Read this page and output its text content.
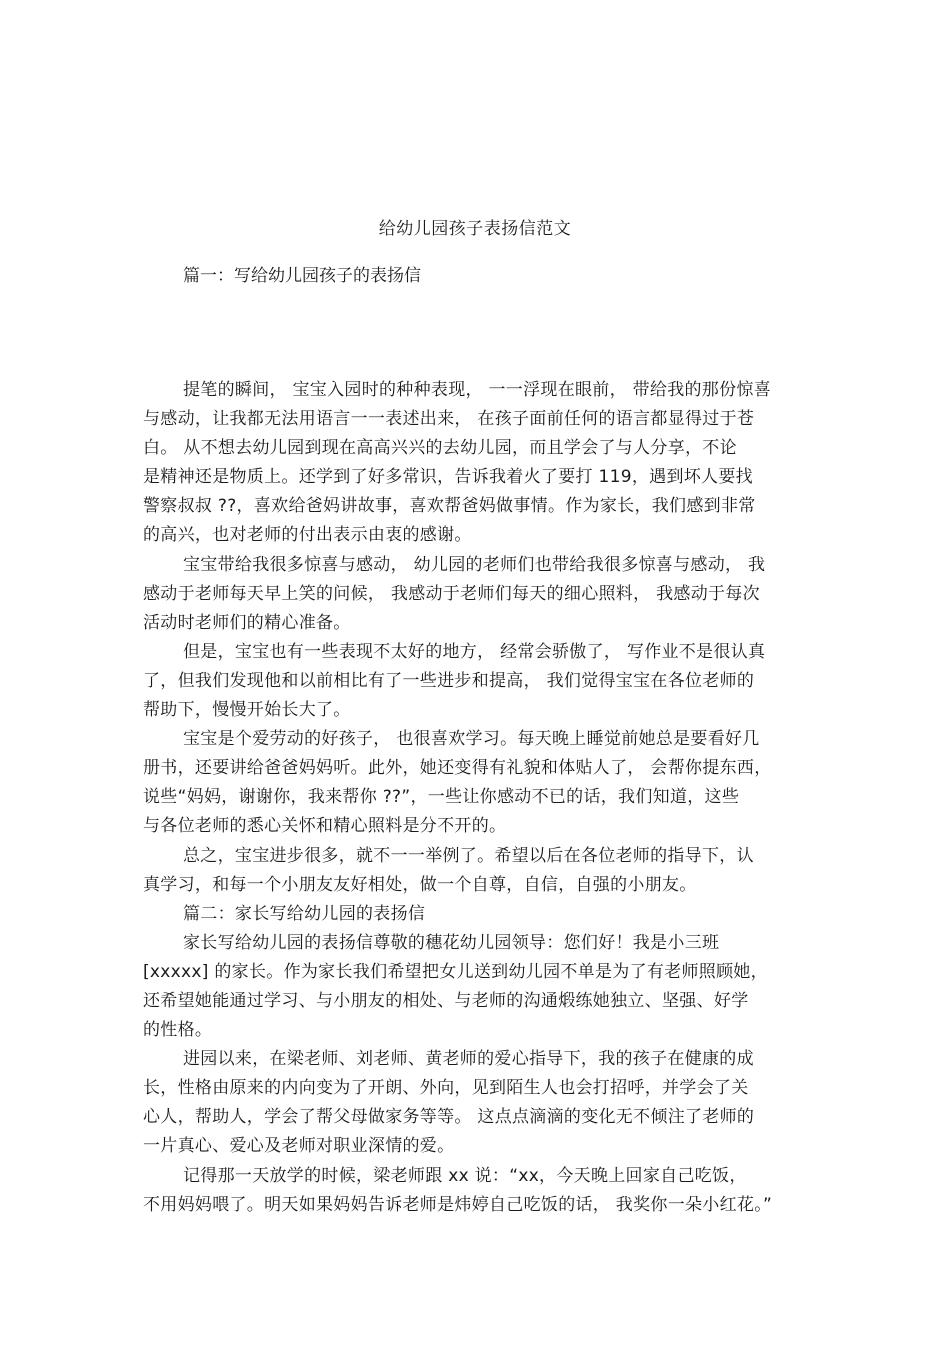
给幼儿园孩子表扬信范文
篇一：写给幼儿园孩子的表扬信
提笔的瞬间， 宝宝入园时的种种表现， 一一浮现在眼前， 带给我的那份惊喜
与感动，让我都无法用语言一一表述出来， 在孩子面前任何的语言都显得过于苍
白。 从不想去幼儿园到现在高高兴兴的去幼儿园，而且学会了与人分享，不论
是精神还是物质上。还学到了好多常识，告诉我着火了要打 119，遇到坏人要找
警察叔叔 ??，喜欢给爸妈讲故事，喜欢帮爸妈做事情。作为家长，我们感到非常
的高兴，也对老师的付出表示由衷的感谢。
宝宝带给我很多惊喜与感动， 幼儿园的老师们也带给我很多惊喜与感动， 我
感动于老师每天早上笑的问候， 我感动于老师们每天的细心照料， 我感动于每次
活动时老师们的精心准备。
但是，宝宝也有一些表现不太好的地方， 经常会骄傲了， 写作业不是很认真
了，但我们发现他和以前相比有了一些进步和提高， 我们觉得宝宝在各位老师的
帮助下，慢慢开始长大了。
宝宝是个爱劳动的好孩子， 也很喜欢学习。每天晚上睡觉前她总是要看好几
册书，还要讲给爸爸妈妈听。此外，她还变得有礼貌和体贴人了， 会帮你提东西，
说些“妈妈，谢谢你，我来帮你 ??”，一些让你感动不已的话，我们知道，这些
与各位老师的悉心关怀和精心照料是分不开的。
总之，宝宝进步很多，就不一一举例了。希望以后在各位老师的指导下，认
真学习，和每一个小朋友友好相处，做一个自尊，自信，自强的小朋友。
篇二：家长写给幼儿园的表扬信
家长写给幼儿园的表扬信尊敬的穗花幼儿园领导：您们好！我是小三班
[xxxxx] 的家长。作为家长我们希望把女儿送到幼儿园不单是为了有老师照顾她，
还希望她能通过学习、与小朋友的相处、与老师的沟通煅练她独立、坚强、好学
的性格。
进园以来，在梁老师、刘老师、黄老师的爱心指导下，我的孩子在健康的成
长，性格由原来的内向变为了开朗、外向，见到陌生人也会打招呼，并学会了关
心人，帮助人，学会了帮父母做家务等等。 这点点滴滴的变化无不倾注了老师的
一片真心、爱心及老师对职业深情的爱。
记得那一天放学的时候，梁老师跟 xx 说：“xx，今天晚上回家自己吃饭，
不用妈妈喂了。明天如果妈妈告诉老师是炜婷自己吃饭的话， 我奖你一朵小红花。”
